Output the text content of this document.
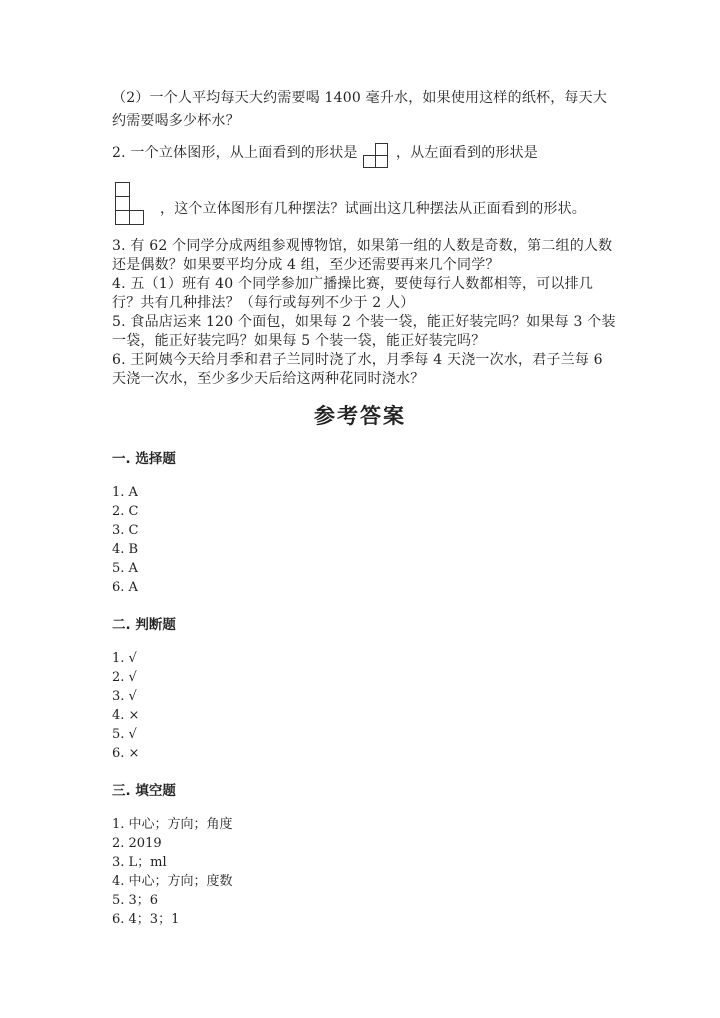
（2）一个人平均每天大约需要喝 1400 毫升水，如果使用这样的纸杯，每天大
约需要喝多少杯水？
2. 一个立体图形，从上面看到的形状是	，从左面看到的形状是
，这个立体图形有几种摆法？试画出这几种摆法从正面看到的形状。
3. 有 62 个同学分成两组参观博物馆，如果第一组的人数是奇数，第二组的人数
还是偶数？如果要平均分成 4 组，至少还需要再来几个同学？
4. 五（1）班有 40 个同学参加广播操比赛，要使每行人数都相等，可以排几
行？共有几种排法？（每行或每列不少于 2 人）
5. 食品店运来 120 个面包，如果每 2 个装一袋，能正好装完吗？如果每 3 个装
一袋，能正好装完吗？如果每 5 个装一袋，能正好装完吗？
6. 王阿姨今天给月季和君子兰同时浇了水，月季每 4 天浇一次水，君子兰每 6
天浇一次水，至少多少天后给这两种花同时浇水？
参考答案
一. 选择题
1. A
2. C
3. C
4. B
5. A
6. A
二. 判断题
1. √
2. √
3. √
4. ×
5. √
6. ×
三. 填空题
1. 中心；方向；角度
2. 2019
3. L；ml
4. 中心；方向；度数
5. 3；6
6. 4；3；1
